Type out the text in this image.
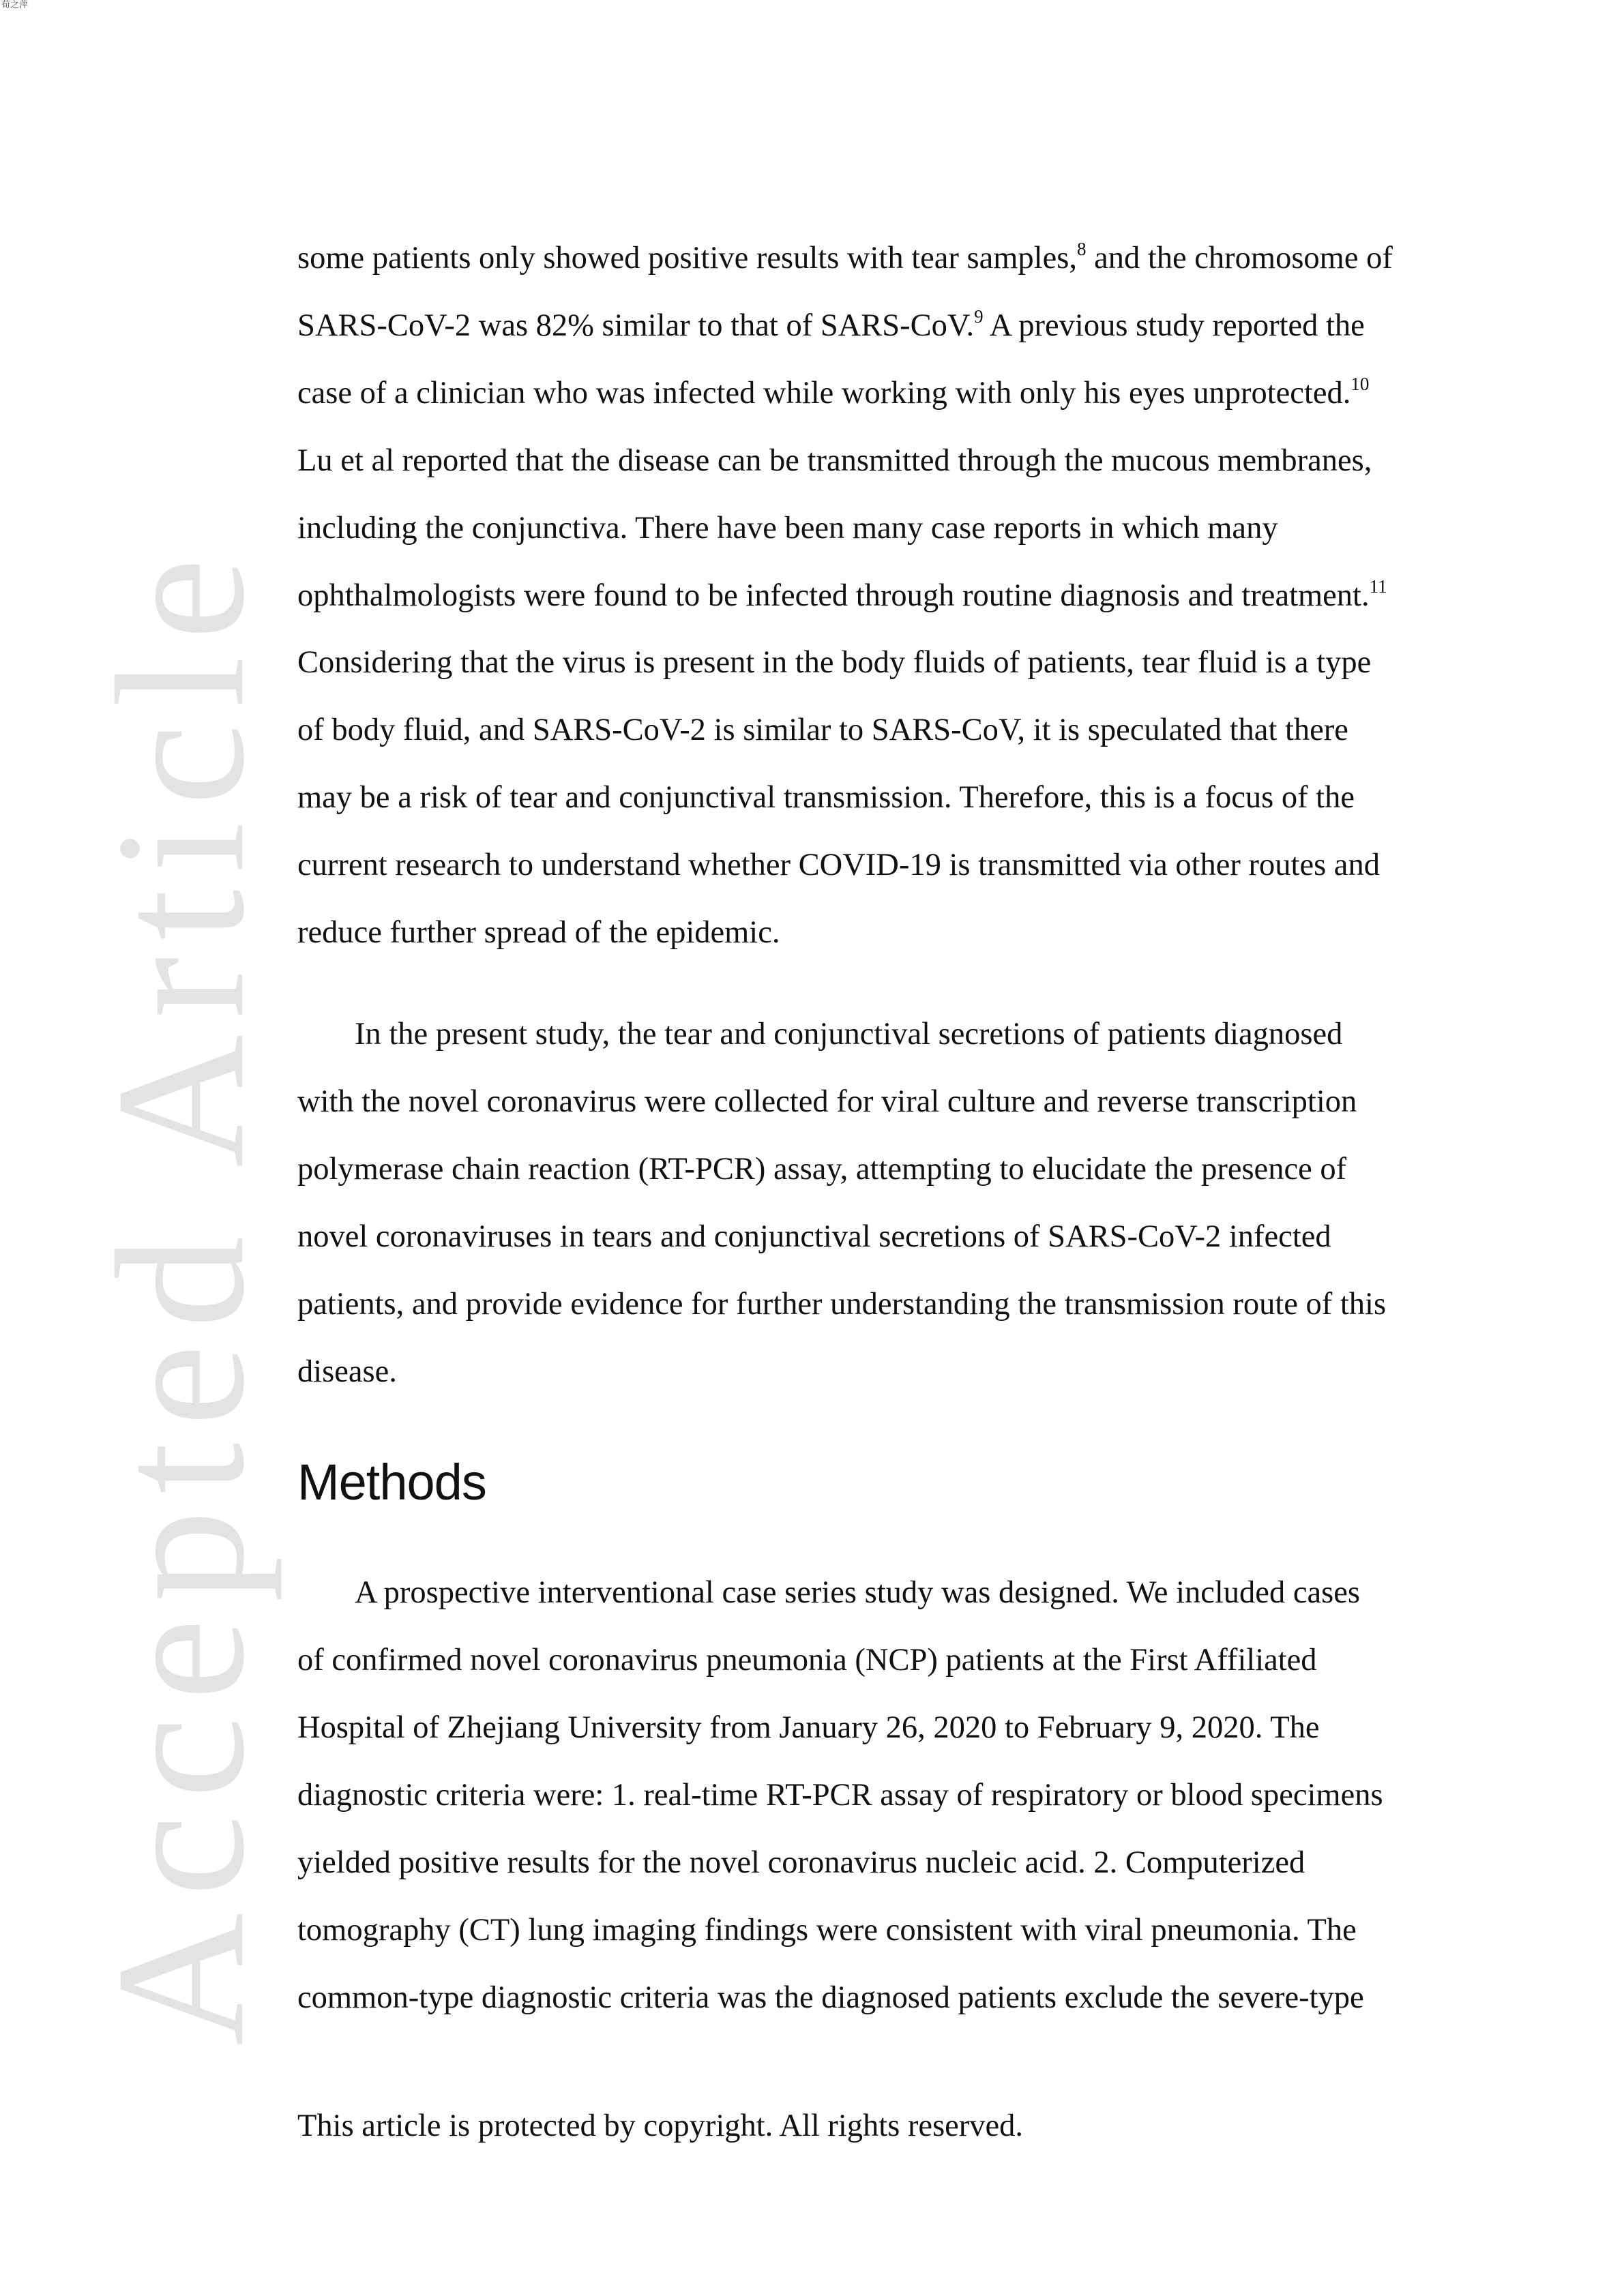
荀之萍
Accepted Article

some patients only showed positive results with tear samples,$^8$ and the chromosome of
SARS-CoV-2 was 82% similar to that of SARS-CoV.$^9$ A previous study reported the
case of a clinician who was infected while working with only his eyes unprotected.$^{10}$
Lu et al reported that the disease can be transmitted through the mucous membranes,
including the conjunctiva. There have been many case reports in which many
ophthalmologists were found to be infected through routine diagnosis and treatment.$^{11}$
Considering that the virus is present in the body fluids of patients, tear fluid is a type
of body fluid, and SARS-CoV-2 is similar to SARS-CoV, it is speculated that there
may be a risk of tear and conjunctival transmission. Therefore, this is a focus of the
current research to understand whether COVID-19 is transmitted via other routes and
reduce further spread of the epidemic.

In the present study, the tear and conjunctival secretions of patients diagnosed

with the novel coronavirus were collected for viral culture and reverse transcription
polymerase chain reaction (RT-PCR) assay, attempting to elucidate the presence of
novel coronaviruses in tears and conjunctival secretions of SARS-CoV-2 infected
patients, and provide evidence for further understanding the transmission route of this
disease.

Methods

A prospective interventional case series study was designed. We included cases

of confirmed novel coronavirus pneumonia (NCP) patients at the First Affiliated
Hospital of Zhejiang University from January 26, 2020 to February 9, 2020. The
diagnostic criteria were: 1. real-time RT-PCR assay of respiratory or blood specimens
yielded positive results for the novel coronavirus nucleic acid. 2. Computerized
tomography (CT) lung imaging findings were consistent with viral pneumonia. The
common-type diagnostic criteria was the diagnosed patients exclude the severe-type

This article is protected by copyright. All rights reserved.
